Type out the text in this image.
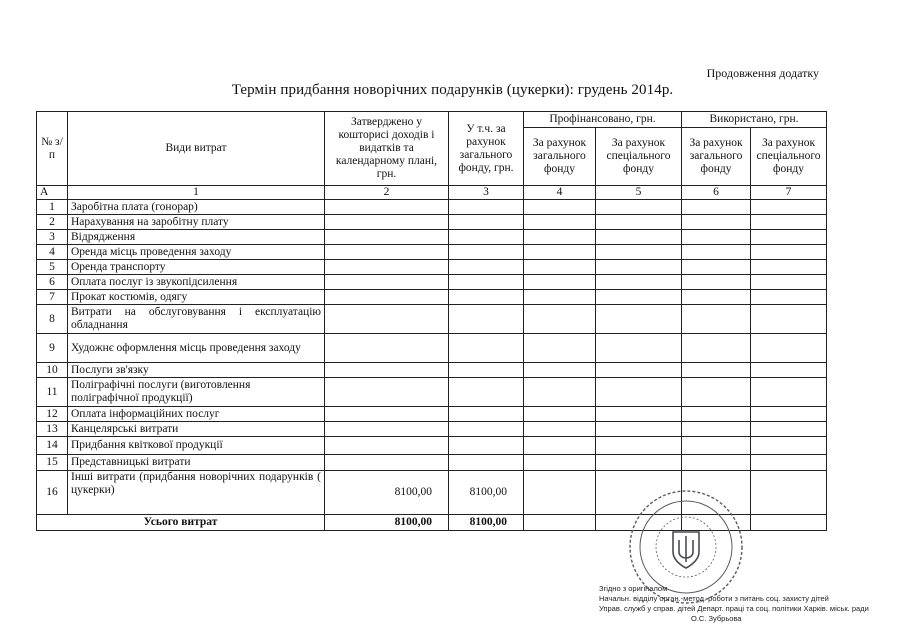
Продовження додатку
Термін придбання новорічних подарунків (цукерки): грудень 2014р.
№ з/п	Види витрат	Затверджено у кошторисі доходів і видатків та календарному плані, грн.	У т.ч. за рахунок загального фонду, грн.	Профінансовано, грн.		Використано, грн.	
				За рахунок загального фонду	За рахунок спеціального фонду	За рахунок загального фонду	За рахунок спеціального фонду
А	1	2	3	4	5	6	7
1	Заробітна плата (гонорар)						
2	Нарахування на заробітну плату						
3	Відрядження						
4	Оренда місць проведення заходу						
5	Оренда транспорту						
6	Оплата послуг із звукопідсилення						
7	Прокат костюмів, одягу						
8	Витрати на обслуговування і експлуатацію обладнання						
9	Художнє оформлення місць проведення заходу						
10	Послуги зв'язку						
11	Поліграфічні послуги (виготовлення поліграфічної продукції)						
12	Оплата інформаційних послуг						
13	Канцелярські витрати						
14	Придбання квіткової продукції						
15	Представницькі витрати						
16	Інші витрати (придбання новорічних подарунків ( цукерки)	8100,00	8100,00				
Усього витрат		8100,00	8100,00				
Згідно з оригіналом
Начальн. відділу орган.-метод. роботи з питань соц. захисту дітей
Управ. служб у справ. дітей Департ. праці та соц. політики Харків. міськ. ради
О.С. Зубрьова
